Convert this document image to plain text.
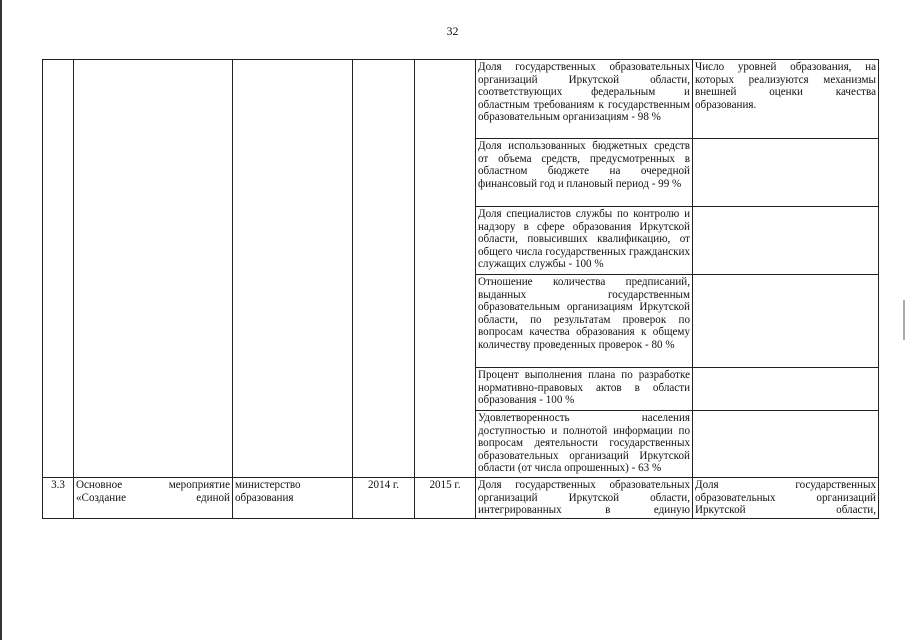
32
					Доля государственных образовательных организаций Иркутской области, соответствующих федеральным и областным требованиям к государственным образовательным организациям - 98 %	Число уровней образования, на которых реализуются механизмы внешней оценки качества образования.
					Доля использованных бюджетных средств от объема средств, предусмотренных в областном бюджете на очередной финансовый год и плановый период - 99 %	
					Доля специалистов службы по контролю и надзору в сфере образования Иркутской области, повысивших квалификацию, от общего числа государственных гражданских служащих службы - 100 %	
					Отношение количества предписаний, выданных государственным образовательным организациям Иркутской области, по результатам проверок по вопросам качества образования к общему количеству проведенных проверок - 80 %	
					Процент выполнения плана по разработке нормативно-правовых актов в области образования - 100 %	
					Удовлетворенность населения доступностью и полнотой информации по вопросам деятельности государственных образовательных организаций Иркутской области (от числа опрошенных) - 63 %	
3.3	Основное мероприятие «Создание единой	министерство образования	2014 г.	2015 г.	Доля государственных образовательных организаций Иркутской области, интегрированных в единую	Доля государственных образовательных организаций Иркутской области,
